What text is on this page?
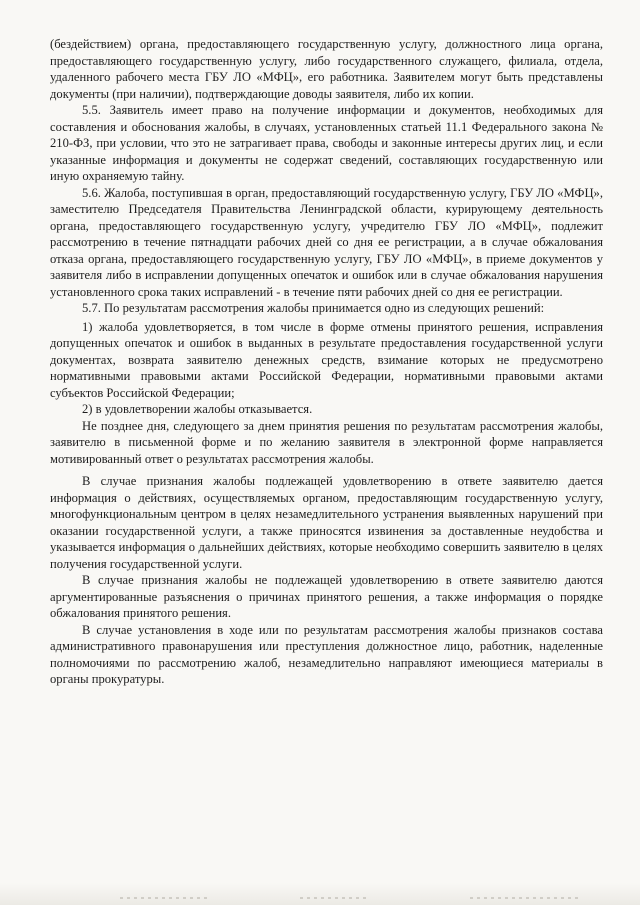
(бездействием) органа, предоставляющего государственную услугу, должностного лица органа, предоставляющего государственную услугу, либо государственного служащего, филиала, отдела, удаленного рабочего места ГБУ ЛО «МФЦ», его работника. Заявителем могут быть представлены документы (при наличии), подтверждающие доводы заявителя, либо их копии.

5.5. Заявитель имеет право на получение информации и документов, необходимых для составления и обоснования жалобы, в случаях, установленных статьей 11.1 Федерального закона № 210-ФЗ, при условии, что это не затрагивает права, свободы и законные интересы других лиц, и если указанные информация и документы не содержат сведений, составляющих государственную или иную охраняемую тайну.

5.6. Жалоба, поступившая в орган, предоставляющий государственную услугу, ГБУ ЛО «МФЦ», заместителю Председателя Правительства Ленинградской области, курирующему деятельность органа, предоставляющего государственную услугу, учредителю ГБУ ЛО «МФЦ», подлежит рассмотрению в течение пятнадцати рабочих дней со дня ее регистрации, а в случае обжалования отказа органа, предоставляющего государственную услугу, ГБУ ЛО «МФЦ», в приеме документов у заявителя либо в исправлении допущенных опечаток и ошибок или в случае обжалования нарушения установленного срока таких исправлений - в течение пяти рабочих дней со дня ее регистрации.

5.7. По результатам рассмотрения жалобы принимается одно из следующих решений:

1) жалоба удовлетворяется, в том числе в форме отмены принятого решения, исправления допущенных опечаток и ошибок в выданных в результате предоставления государственной услуги документах, возврата заявителю денежных средств, взимание которых не предусмотрено нормативными правовыми актами Российской Федерации, нормативными правовыми актами субъектов Российской Федерации;

2) в удовлетворении жалобы отказывается.

Не позднее дня, следующего за днем принятия решения по результатам рассмотрения жалобы, заявителю в письменной форме и по желанию заявителя в электронной форме направляется мотивированный ответ о результатах рассмотрения жалобы.

В случае признания жалобы подлежащей удовлетворению в ответе заявителю дается информация о действиях, осуществляемых органом, предоставляющим государственную услугу, многофункциональным центром в целях незамедлительного устранения выявленных нарушений при оказании государственной услуги, а также приносятся извинения за доставленные неудобства и указывается информация о дальнейших действиях, которые необходимо совершить заявителю в целях получения государственной услуги.

В случае признания жалобы не подлежащей удовлетворению в ответе заявителю даются аргументированные разъяснения о причинах принятого решения, а также информация о порядке обжалования принятого решения.

В случае установления в ходе или по результатам рассмотрения жалобы признаков состава административного правонарушения или преступления должностное лицо, работник, наделенные полномочиями по рассмотрению жалоб, незамедлительно направляют имеющиеся материалы в органы прокуратуры.
